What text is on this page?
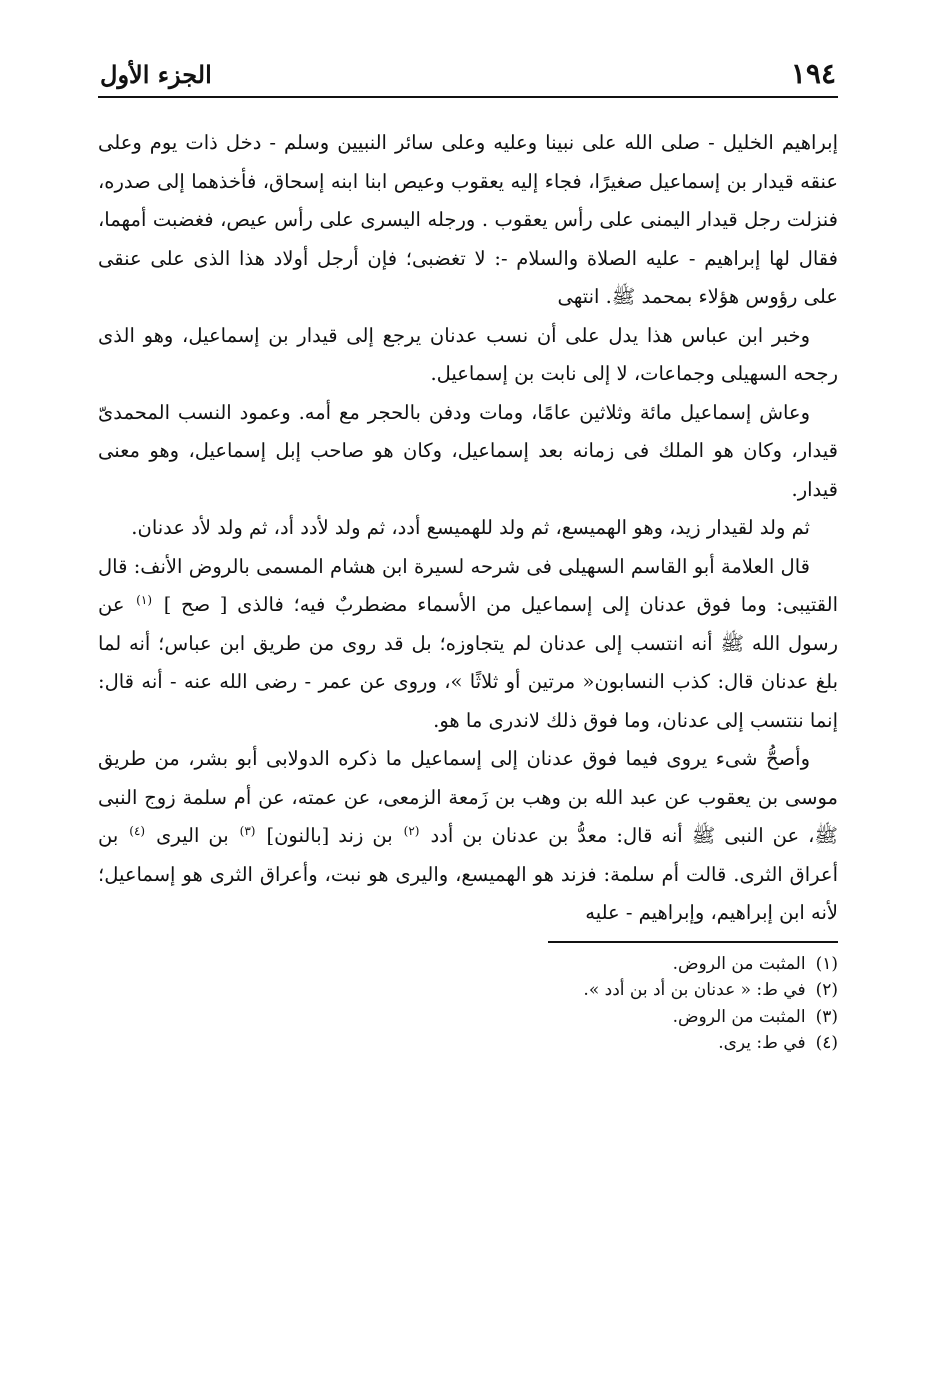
١٩٤
الجزء الأول

إبراهيم الخليل - صلى الله على نبينا وعليه وعلى سائر النبيين وسلم - دخل ذات يوم وعلى عنقه قيدار بن إسماعيل صغيرًا، فجاء إليه يعقوب وعيص ابنا ابنه إسحاق، فأخذهما إلى صدره، فنزلت رجل قيدار اليمنى على رأس يعقوب . ورجله اليسرى على رأس عيص، فغضبت أمهما، فقال لها إبراهيم - عليه الصلاة والسلام -: لا تغضبى؛ فإن أرجل أولاد هذا الذى على عنقى على رؤوس هؤلاء بمحمد ﷺ. انتهى

وخبر ابن عباس هذا يدل على أن نسب عدنان يرجع إلى قيدار بن إسماعيل، وهو الذى رجحه السهيلى وجماعات، لا إلى نابت بن إسماعيل.

وعاش إسماعيل مائة وثلاثين عامًا، ومات ودفن بالحجر مع أمه. وعمود النسب المحمدىّ قيدار، وكان هو الملك فى زمانه بعد إسماعيل، وكان هو صاحب إبل إسماعيل، وهو معنى قيدار.

ثم ولد لقيدار زيد، وهو الهميسع، ثم ولد للهميسع أدد، ثم ولد لأدد أد، ثم ولد لأد عدنان.

قال العلامة أبو القاسم السهيلى فى شرحه لسيرة ابن هشام المسمى بالروض الأنف: قال القتيبى: وما فوق عدنان إلى إسماعيل من الأسماء مضطربٌ فيه؛ فالذى [ صح ] $^{(١)}$ عن رسول الله ﷺ أنه انتسب إلى عدنان لم يتجاوزه؛ بل قد روى من طريق ابن عباس؛ أنه لما بلغ عدنان قال: كذب النسابون« مرتين أو ثلاثًا »، وروى عن عمر - رضى الله عنه - أنه قال: إنما ننتسب إلى عدنان، وما فوق ذلك لاندرى ما هو.

وأصحُّ شىء يروى فيما فوق عدنان إلى إسماعيل ما ذكره الدولابى أبو بشر، من طريق موسى بن يعقوب عن عبد الله بن وهب بن زَمعة الزمعى، عن عمته، عن أم سلمة زوج النبى ﷺ، عن النبى ﷺ أنه قال: معدُّ بن عدنان بن أدد $^{(٢)}$ بن زند [بالنون] $^{(٣)}$ بن اليرى $^{(٤)}$ بن أعراق الثرى. قالت أم سلمة: فزند هو الهميسع، واليرى هو نبت، وأعراق الثرى هو إسماعيل؛ لأنه ابن إبراهيم، وإبراهيم - عليه

(١)
المثبت من الروض.
(٢)
في ط: « عدنان بن أد بن أدد ».
(٣)
المثبت من الروض.
(٤)
في ط: يرى.
